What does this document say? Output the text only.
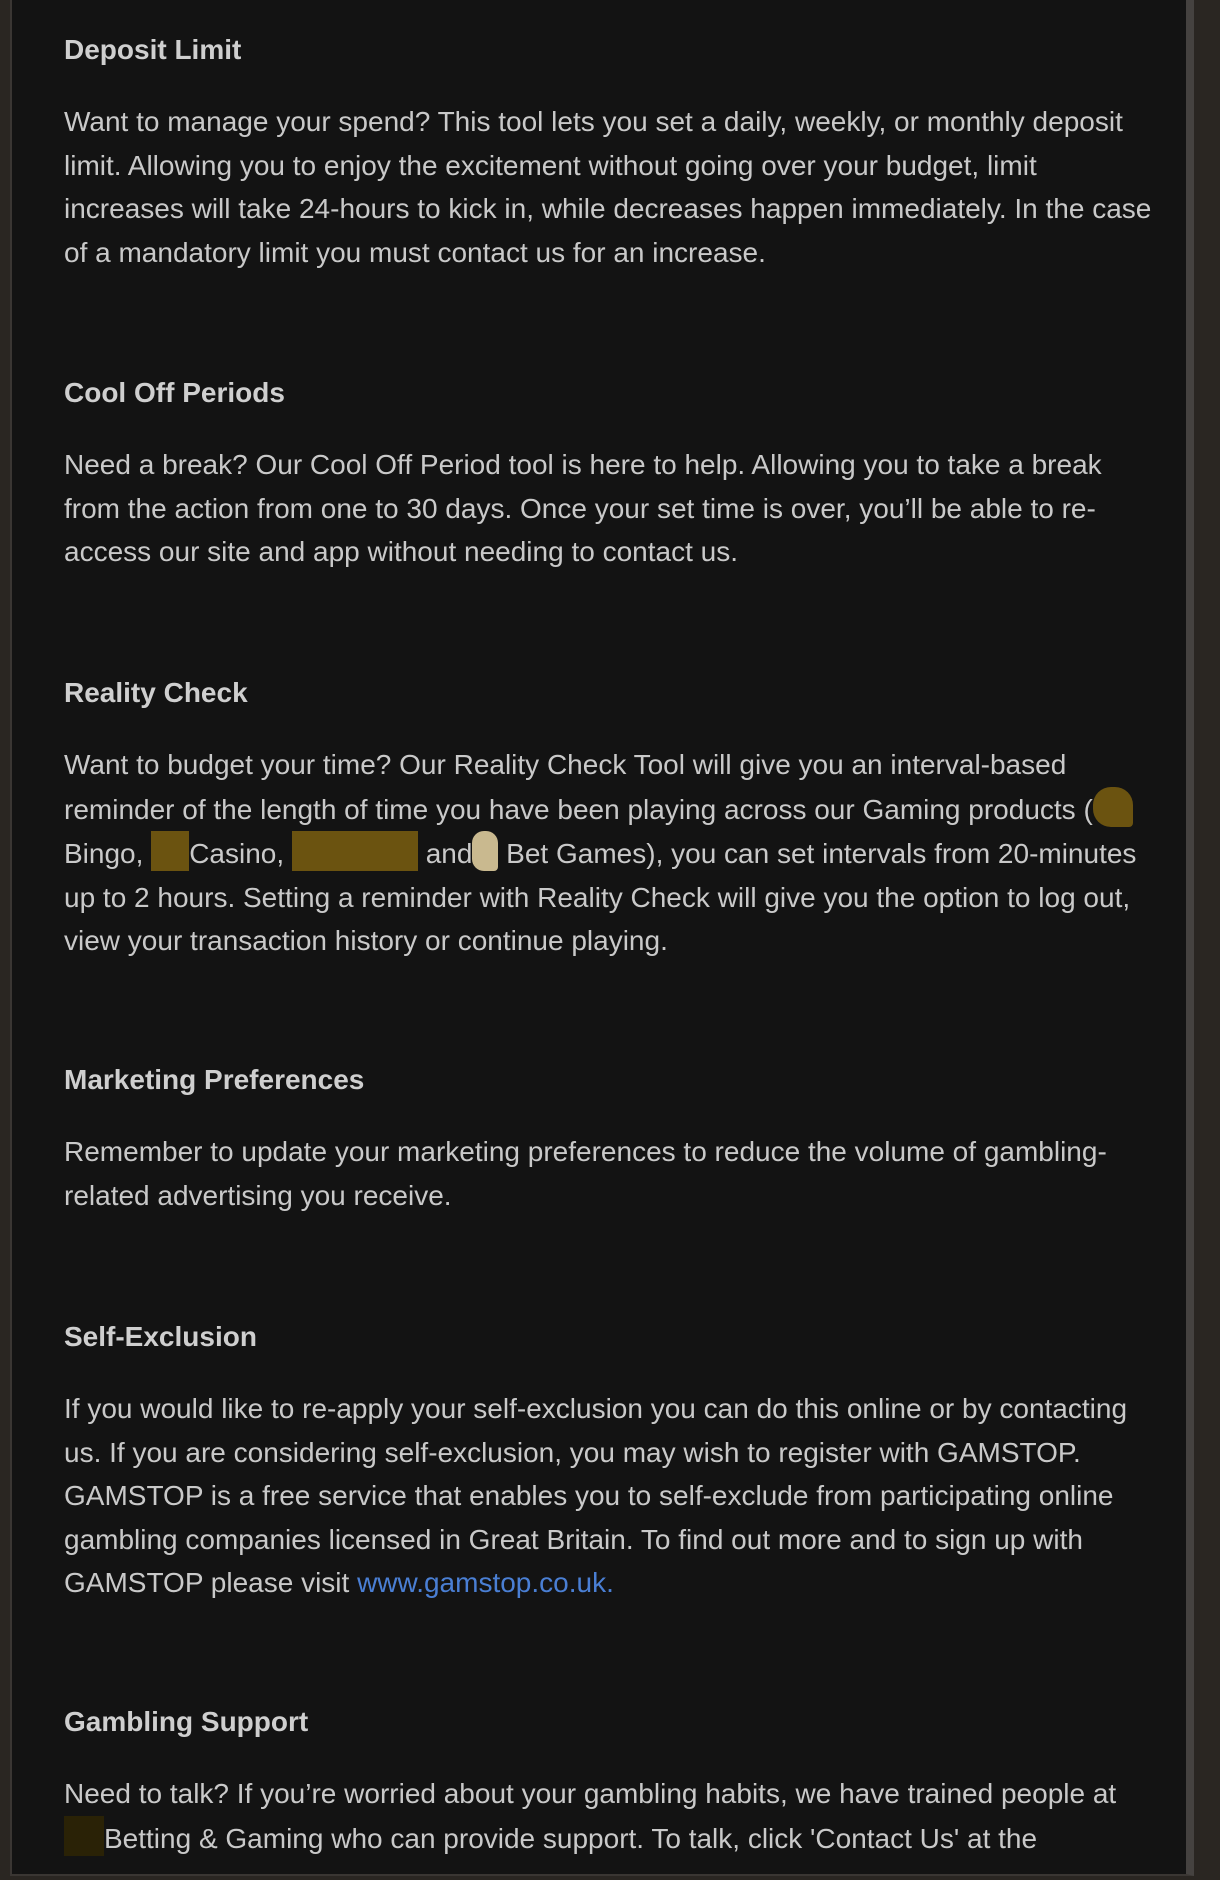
Deposit Limit

Want to manage your spend? This tool lets you set a daily, weekly, or monthly deposit limit. Allowing you to enjoy the excitement without going over your budget, limit increases will take 24-hours to kick in, while decreases happen immediately. In the case of a mandatory limit you must contact us for an increase.

Cool Off Periods

Need a break? Our Cool Off Period tool is here to help. Allowing you to take a break from the action from one to 30 days. Once your set time is over, you’ll be able to re-access our site and app without needing to contact us.

Reality Check

Want to budget your time? Our Reality Check Tool will give you an interval-based reminder of the length of time you have been playing across our Gaming products ( Bingo, Casino,	and Bet Games), you can set intervals from 20-minutes up to 2 hours. Setting a reminder with Reality Check will give you the option to log out, view your transaction history or continue playing.

Marketing Preferences

Remember to update your marketing preferences to reduce the volume of gambling-related advertising you receive.

Self-Exclusion

If you would like to re-apply your self-exclusion you can do this online or by contacting us. If you are considering self-exclusion, you may wish to register with GAMSTOP. GAMSTOP is a free service that enables you to self-exclude from participating online gambling companies licensed in Great Britain. To find out more and to sign up with GAMSTOP please visit www.gamstop.co.uk.

Gambling Support

Need to talk? If you’re worried about your gambling habits, we have trained people at Betting & Gaming who can provide support. To talk, click 'Contact Us' at the
